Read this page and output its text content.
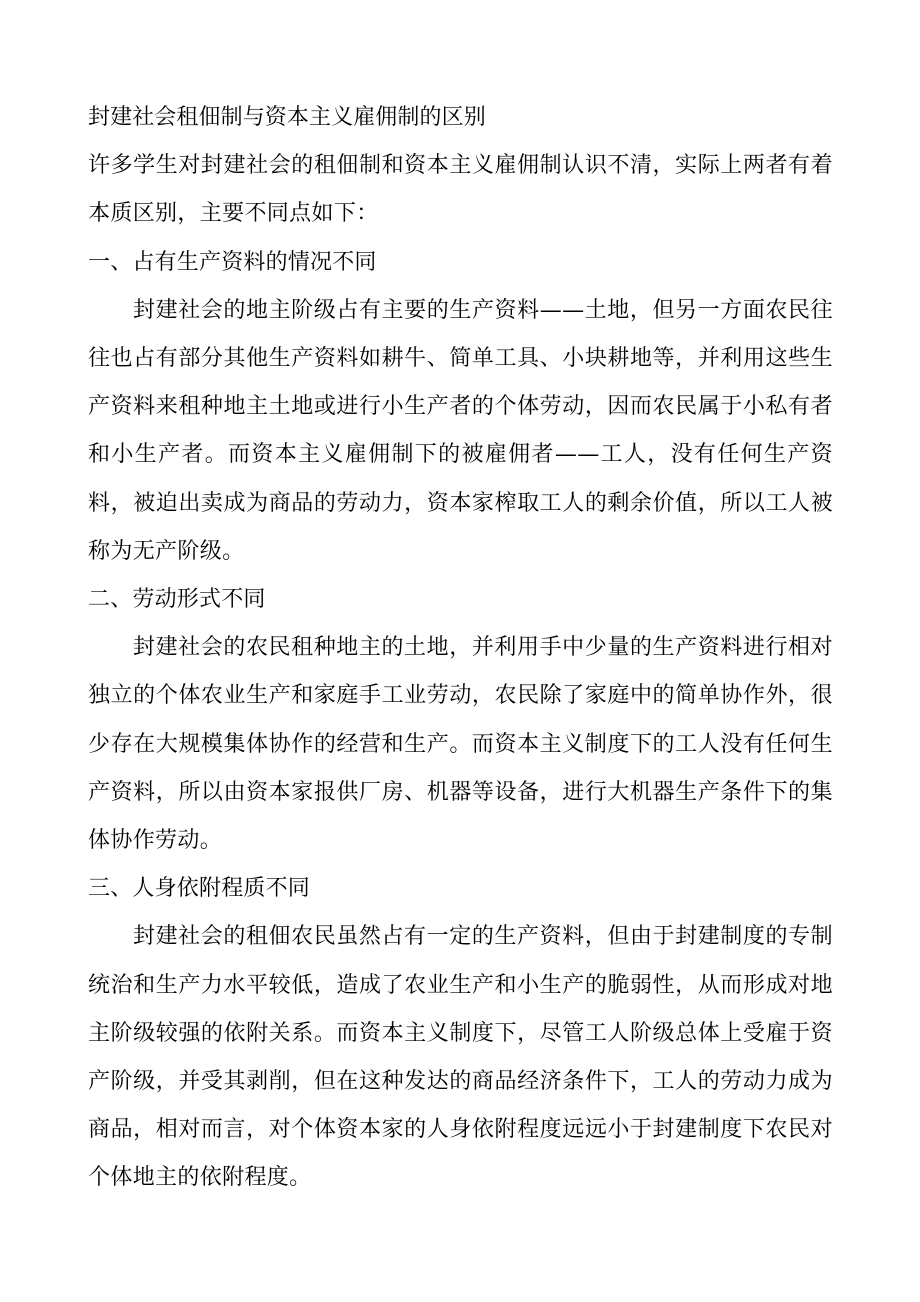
封建社会租佃制与资本主义雇佣制的区别

许多学生对封建社会的租佃制和资本主义雇佣制认识不清，实际上两者有着本质区别，主要不同点如下：

一、占有生产资料的情况不同

封建社会的地主阶级占有主要的生产资料——土地，但另一方面农民往往也占有部分其他生产资料如耕牛、简单工具、小块耕地等，并利用这些生产资料来租种地主土地或进行小生产者的个体劳动，因而农民属于小私有者和小生产者。而资本主义雇佣制下的被雇佣者——工人，没有任何生产资料，被迫出卖成为商品的劳动力，资本家榨取工人的剩余价值，所以工人被称为无产阶级。

二、劳动形式不同

封建社会的农民租种地主的土地，并利用手中少量的生产资料进行相对独立的个体农业生产和家庭手工业劳动，农民除了家庭中的简单协作外，很少存在大规模集体协作的经营和生产。而资本主义制度下的工人没有任何生产资料，所以由资本家报供厂房、机器等设备，进行大机器生产条件下的集体协作劳动。

三、人身依附程质不同

封建社会的租佃农民虽然占有一定的生产资料，但由于封建制度的专制统治和生产力水平较低，造成了农业生产和小生产的脆弱性，从而形成对地主阶级较强的依附关系。而资本主义制度下，尽管工人阶级总体上受雇于资产阶级，并受其剥削，但在这种发达的商品经济条件下，工人的劳动力成为商品，相对而言，对个体资本家的人身依附程度远远小于封建制度下农民对个体地主的依附程度。
